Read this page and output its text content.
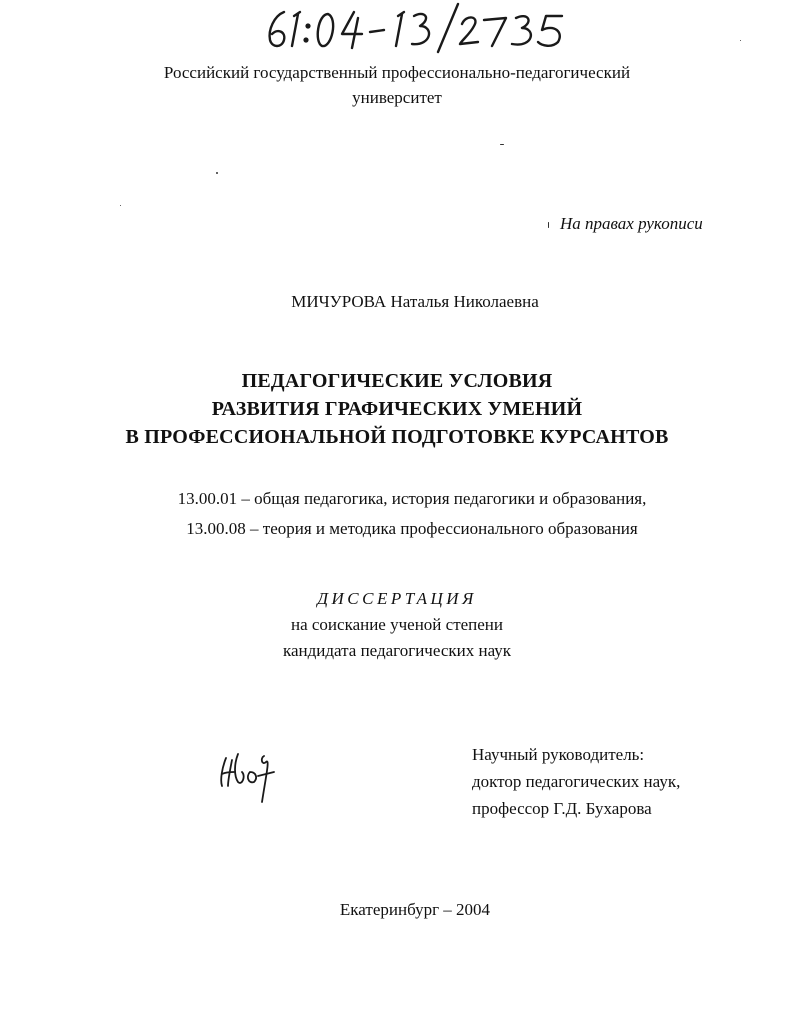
Российский государственный профессионально-педагогический
университет
На правах рукописи
МИЧУРОВА Наталья Николаевна
ПЕДАГОГИЧЕСКИЕ УСЛОВИЯ
РАЗВИТИЯ ГРАФИЧЕСКИХ УМЕНИЙ
В ПРОФЕССИОНАЛЬНОЙ ПОДГОТОВКЕ КУРСАНТОВ
13.00.01 – общая педагогика, история педагогики и образования,
13.00.08 – теория и методика профессионального образования
ДИССЕРТАЦИЯ
на соискание ученой степени
кандидата педагогических наук
Научный руководитель:
доктор педагогических наук,
профессор Г.Д. Бухарова
Екатеринбург – 2004
